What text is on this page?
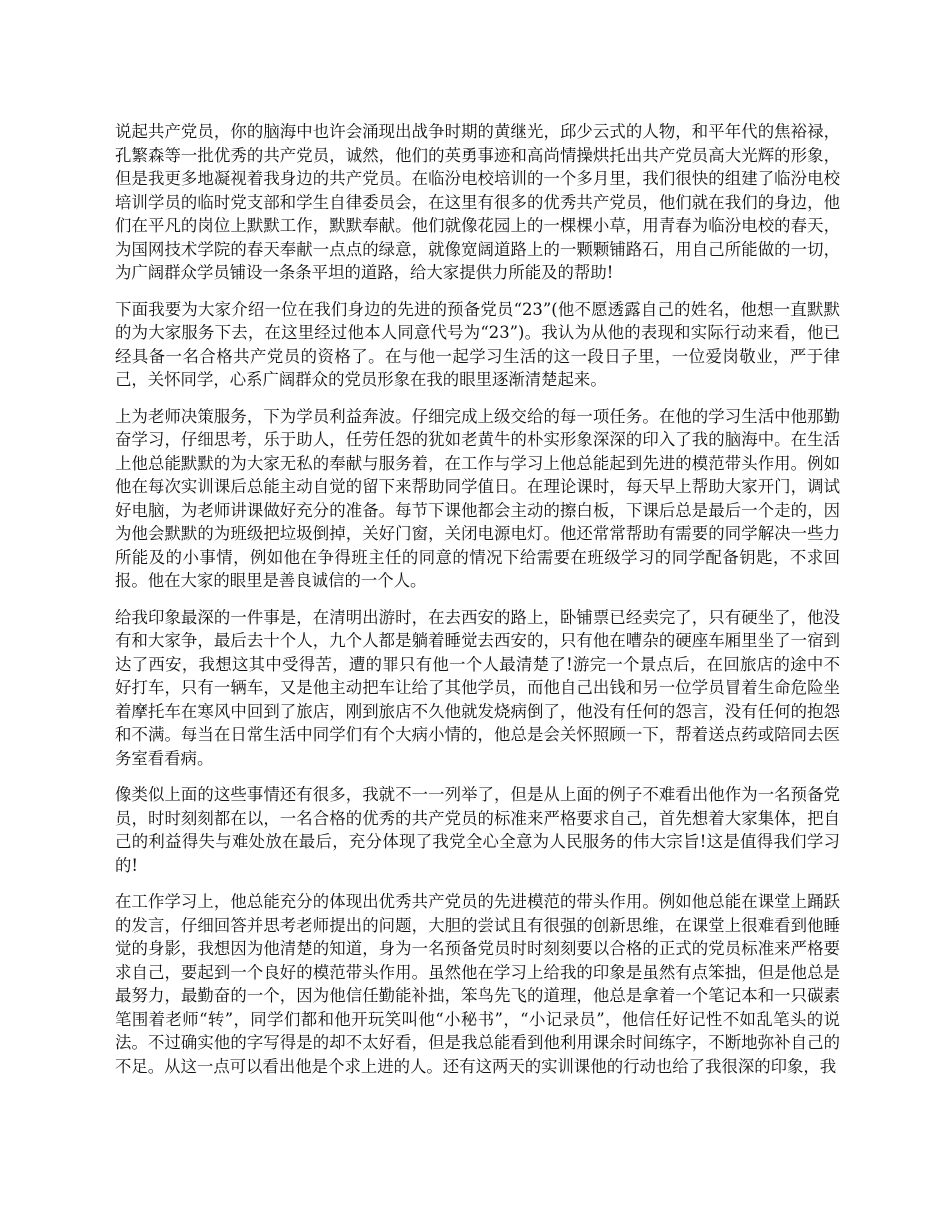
说起共产党员，你的脑海中也许会涌现出战争时期的黄继光，邱少云式的人物，和平年代的焦裕禄，孔繁森等一批优秀的共产党员，诚然，他们的英勇事迹和高尚情操烘托出共产党员高大光辉的形象，但是我更多地凝视着我身边的共产党员。在临汾电校培训的一个多月里，我们很快的组建了临汾电校培训学员的临时党支部和学生自律委员会，在这里有很多的优秀共产党员，他们就在我们的身边，他们在平凡的岗位上默默工作，默默奉献。他们就像花园上的一棵棵小草，用青春为临汾电校的春天，为国网技术学院的春天奉献一点点的绿意，就像宽阔道路上的一颗颗铺路石，用自己所能做的一切，为广阔群众学员铺设一条条平坦的道路，给大家提供力所能及的帮助!

下面我要为大家介绍一位在我们身边的先进的预备党员“23”(他不愿透露自己的姓名，他想一直默默的为大家服务下去，在这里经过他本人同意代号为“23”)。我认为从他的表现和实际行动来看，他已经具备一名合格共产党员的资格了。在与他一起学习生活的这一段日子里，一位爱岗敬业，严于律己，关怀同学，心系广阔群众的党员形象在我的眼里逐渐清楚起来。

上为老师决策服务，下为学员利益奔波。仔细完成上级交给的每一项任务。在他的学习生活中他那勤奋学习，仔细思考，乐于助人，任劳任怨的犹如老黄牛的朴实形象深深的印入了我的脑海中。在生活上他总能默默的为大家无私的奉献与服务着，在工作与学习上他总能起到先进的模范带头作用。例如他在每次实训课后总能主动自觉的留下来帮助同学值日。在理论课时，每天早上帮助大家开门，调试好电脑，为老师讲课做好充分的准备。每节下课他都会主动的擦白板，下课后总是最后一个走的，因为他会默默的为班级把垃圾倒掉，关好门窗，关闭电源电灯。他还常常帮助有需要的同学解决一些力所能及的小事情，例如他在争得班主任的同意的情况下给需要在班级学习的同学配备钥匙，不求回报。他在大家的眼里是善良诚信的一个人。

给我印象最深的一件事是，在清明出游时，在去西安的路上，卧铺票已经卖完了，只有硬坐了，他没有和大家争，最后去十个人，九个人都是躺着睡觉去西安的，只有他在嘈杂的硬座车厢里坐了一宿到达了西安，我想这其中受得苦，遭的罪只有他一个人最清楚了!游完一个景点后，在回旅店的途中不好打车，只有一辆车，又是他主动把车让给了其他学员，而他自己出钱和另一位学员冒着生命危险坐着摩托车在寒风中回到了旅店，刚到旅店不久他就发烧病倒了，他没有任何的怨言，没有任何的抱怨和不满。每当在日常生活中同学们有个大病小情的，他总是会关怀照顾一下，帮着送点药或陪同去医务室看看病。

像类似上面的这些事情还有很多，我就不一一列举了，但是从上面的例子不难看出他作为一名预备党员，时时刻刻都在以，一名合格的优秀的共产党员的标准来严格要求自己，首先想着大家集体，把自己的利益得失与难处放在最后，充分体现了我党全心全意为人民服务的伟大宗旨!这是值得我们学习的!

在工作学习上，他总能充分的体现出优秀共产党员的先进模范的带头作用。例如他总能在课堂上踊跃的发言，仔细回答并思考老师提出的问题，大胆的尝试且有很强的创新思维，在课堂上很难看到他睡觉的身影，我想因为他清楚的知道，身为一名预备党员时时刻刻要以合格的正式的党员标准来严格要求自己，要起到一个良好的模范带头作用。虽然他在学习上给我的印象是虽然有点笨拙，但是他总是最努力，最勤奋的一个，因为他信任勤能补拙，笨鸟先飞的道理，他总是拿着一个笔记本和一只碳素笔围着老师“转”，同学们都和他开玩笑叫他“小秘书”，“小记录员”，他信任好记性不如乱笔头的说法。不过确实他的字写得是的却不太好看，但是我总能看到他利用课余时间练字，不断地弥补自己的不足。从这一点可以看出他是个求上进的人。还有这两天的实训课他的行动也给了我很深的印象，我
